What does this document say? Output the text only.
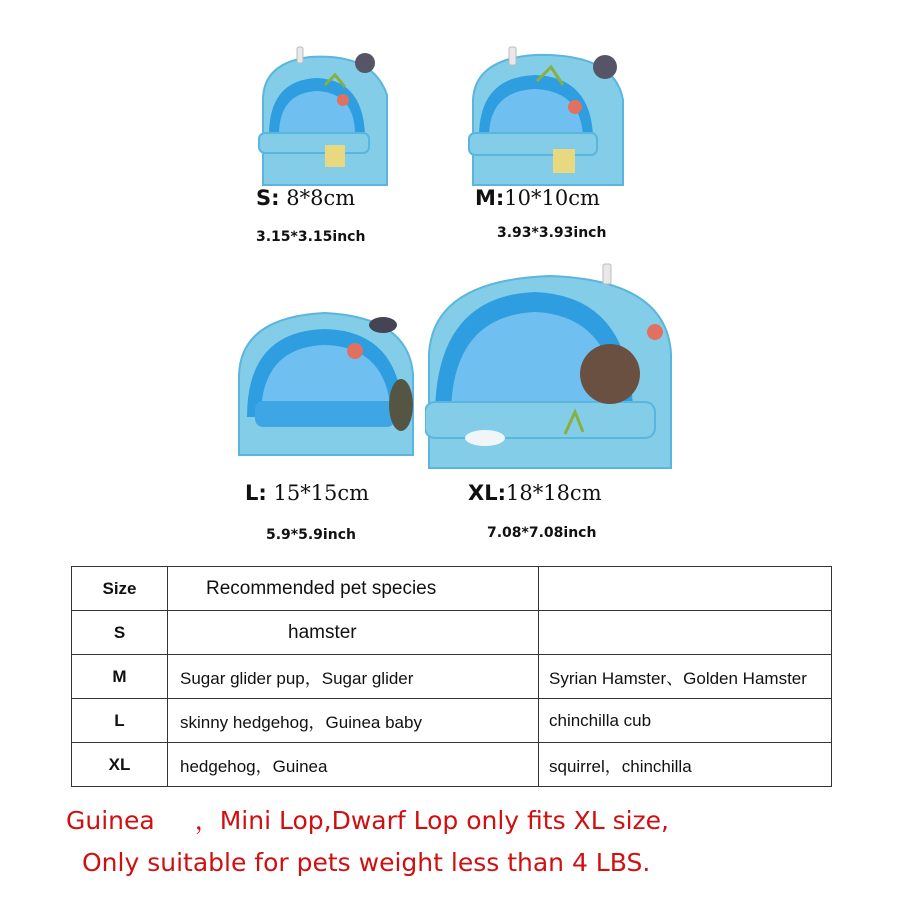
S: 8*8cm
3.15*3.15inch
M:10*10cm
3.93*3.93inch
L: 15*15cm
5.9*5.9inch
XL:18*18cm
7.08*7.08inch
Size	Recommended pet species	
S	hamster	
M	Sugar glider pup，Sugar glider	Syrian Hamster、Golden Hamster
L	skinny hedgehog，Guinea baby	chinchilla cub
XL	hedgehog，Guinea	squirrel，chinchilla
Guinea ，Mini Lop,Dwarf Lop only fits XL size,
Only suitable for pets weight less than 4 LBS.
